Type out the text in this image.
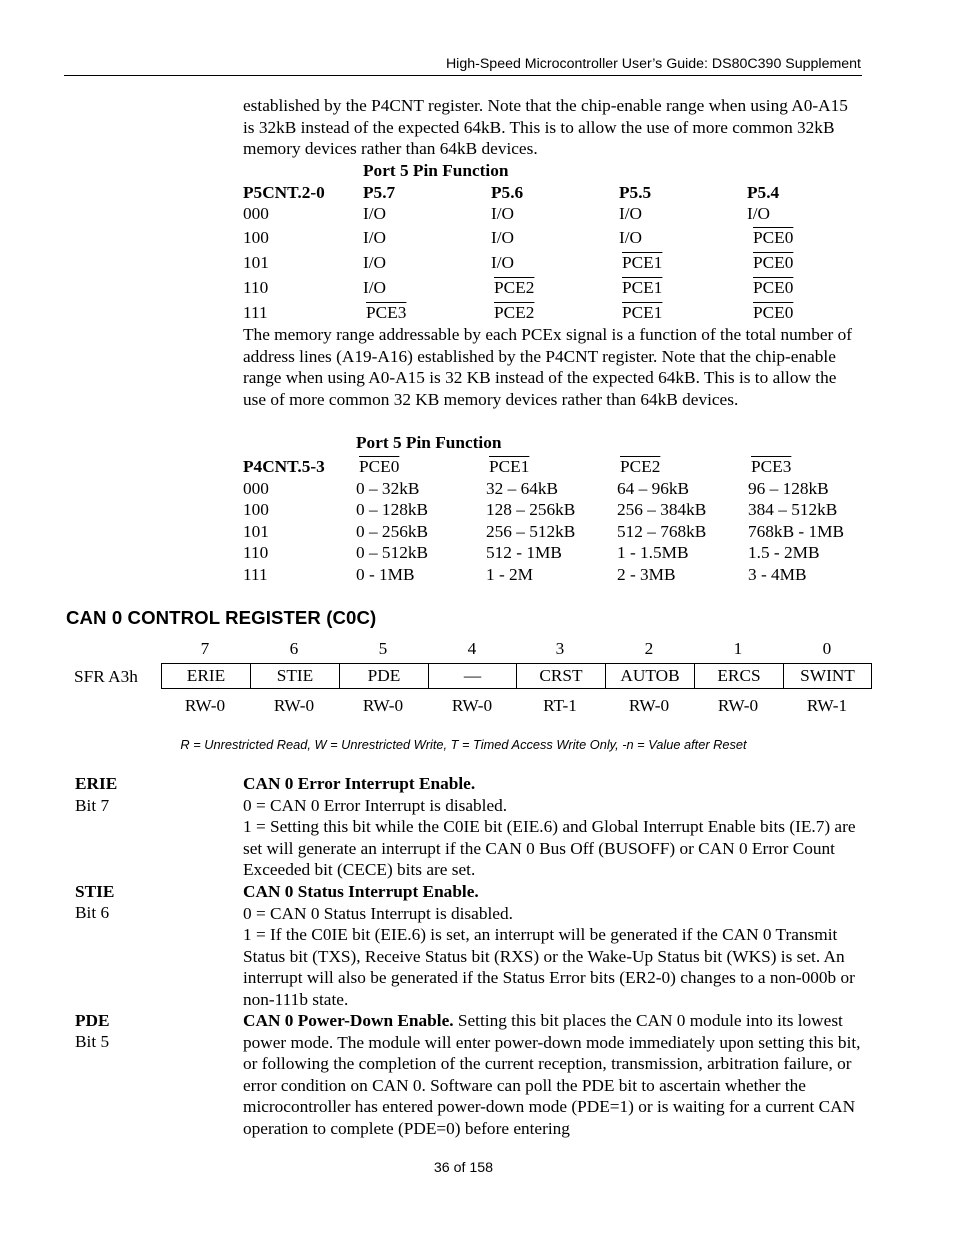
High-Speed Microcontroller User’s Guide: DS80C390 Supplement
established by the P4CNT register. Note that the chip-enable range when using A0-A15 is 32kB instead of the expected 64kB. This is to allow the use of more common 32kB memory devices rather than 64kB devices.
Port 5 Pin Function
P5CNT.2-0	P5.7	P5.6	P5.5	P5.4
000	I/O	I/O	I/O	I/O
100	I/O	I/O	I/O	PCE0
101	I/O	I/O	PCE1	PCE0
110	I/O	PCE2	PCE1	PCE0
111	PCE3	PCE2	PCE1	PCE0
The memory range addressable by each PCEx signal is a function of the total number of address lines (A19-A16) established by the P4CNT register. Note that the chip-enable range when using A0-A15 is 32 KB instead of the expected 64kB. This is to allow the use of more common 32 KB memory devices rather than 64kB devices.
Port 5 Pin Function
P4CNT.5-3	PCE0	PCE1	PCE2	PCE3
000	0 – 32kB	32 – 64kB	64 – 96kB	96 – 128kB
100	0 – 128kB	128 – 256kB	256 – 384kB	384 – 512kB
101	0 – 256kB	256 – 512kB	512 – 768kB	768kB - 1MB
110	0 – 512kB	512 - 1MB	1 - 1.5MB	1.5 - 2MB
111	0 - 1MB	1 - 2M	2 - 3MB	3 - 4MB
CAN 0 CONTROL REGISTER (C0C)
7	6	5	4	3	2	1	0
SFR A3h	ERIE	STIE	PDE	—	CRST	AUTOB	ERCS	SWINT
RW-0	RW-0	RW-0	RW-0	RT-1	RW-0	RW-0	RW-1
R = Unrestricted Read, W = Unrestricted Write, T = Timed Access Write Only, -n = Value after Reset
ERIE
Bit 7
CAN 0 Error Interrupt Enable.
0 = CAN 0 Error Interrupt is disabled.
1 = Setting this bit while the C0IE bit (EIE.6) and Global Interrupt Enable bits (IE.7) are set will generate an interrupt if the CAN 0 Bus Off (BUSOFF) or CAN 0 Error Count Exceeded bit (CECE) bits are set.
STIE
Bit 6
CAN 0 Status Interrupt Enable.
0 = CAN 0 Status Interrupt is disabled.
1 = If the C0IE bit (EIE.6) is set, an interrupt will be generated if the CAN 0 Transmit Status bit (TXS), Receive Status bit (RXS) or the Wake-Up Status bit (WKS) is set. An interrupt will also be generated if the Status Error bits (ER2-0) changes to a non-000b or non-111b state.
PDE
Bit 5
CAN 0 Power-Down Enable. Setting this bit places the CAN 0 module into its lowest power mode. The module will enter power-down mode immediately upon setting this bit, or following the completion of the current reception, transmission, arbitration failure, or error condition on CAN 0. Software can poll the PDE bit to ascertain whether the microcontroller has entered power-down mode (PDE=1) or is waiting for a current CAN operation to complete (PDE=0) before entering
36 of 158
